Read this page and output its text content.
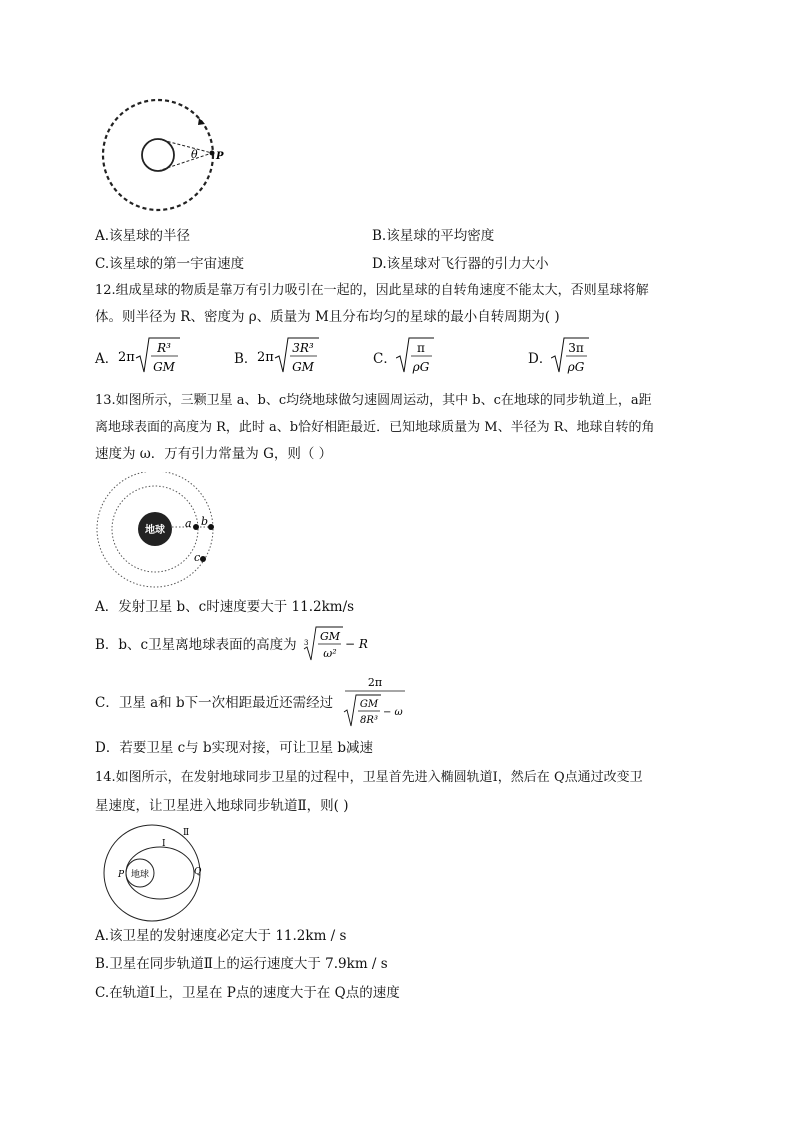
θ P
A.该星球的半径	B.该星球的平均密度
C.该星球的第一宇宙速度	D.该星球对飞行器的引力大小
12.组成星球的物质是靠万有引力吸引在一起的，因此星球的自转角速度不能太大，否则星球将解
体。则半径为 R、密度为 ρ、质量为 M且分布均匀的星球的最小自转周期为( )
A． 2π
R³
GM	B． 2π
3R³
GM	C．
π
ρG	D．
3π
ρG
13.如图所示，三颗卫星 a、b、c均绕地球做匀速圆周运动，其中 b、c在地球的同步轨道上，a距
离地球表面的高度为 R，此时 a、b恰好相距最近．已知地球质量为 M、半径为 R、地球自转的角
速度为 ω．万有引力常量为 G，则（ ）
地球
a b
c
A．发射卫星 b、c时速度要大于 11.2km/s
B．b、c卫星离地球表面的高度为 3 GM
ω²
− R
C．卫星 a和 b下一次相距最近还需经过
2π
GM
8R³
− ω
D．若要卫星 c与 b实现对接，可让卫星 b减速
14.如图所示，在发射地球同步卫星的过程中，卫星首先进入椭圆轨道Ⅰ，然后在 Q点通过改变卫
星速度，让卫星进入地球同步轨道Ⅱ，则( )
地球
P	Q
Ⅰ
Ⅱ
A.该卫星的发射速度必定大于 11.2km / s
B.卫星在同步轨道Ⅱ上的运行速度大于 7.9km / s
C.在轨道Ⅰ上，卫星在 P点的速度大于在 Q点的速度
